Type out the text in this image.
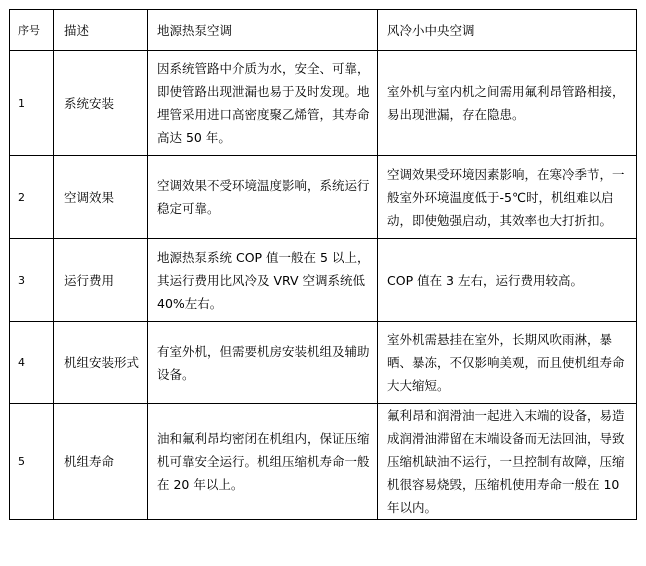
序号	描述	地源热泵空调	风冷小中央空调
1	系统安装	因系统管路中介质为水，安全、可靠，即使管路出现泄漏也易于及时发现。地埋管采用进口高密度聚乙烯管，其寿命高达 50 年。	室外机与室内机之间需用氟利昂管路相接，易出现泄漏，存在隐患。
2	空调效果	空调效果不受环境温度影响，系统运行稳定可靠。	空调效果受环境因素影响，在寒冷季节，一般室外环境温度低于-5℃时，机组难以启动，即使勉强启动，其效率也大打折扣。
3	运行费用	地源热泵系统 COP 值一般在 5 以上，其运行费用比风冷及 VRV 空调系统低 40%左右。	COP 值在 3 左右，运行费用较高。
4	机组安装形式	有室外机，但需要机房安装机组及辅助设备。	室外机需悬挂在室外，长期风吹雨淋，暴晒、暴冻，不仅影响美观，而且使机组寿命大大缩短。
5	机组寿命	油和氟利昂均密闭在机组内，保证压缩机可靠安全运行。机组压缩机寿命一般在 20 年以上。	氟利昂和润滑油一起进入末端的设备，易造成润滑油滞留在末端设备而无法回油，导致压缩机缺油不运行，一旦控制有故障，压缩机很容易烧毁，压缩机使用寿命一般在 10 年以内。
